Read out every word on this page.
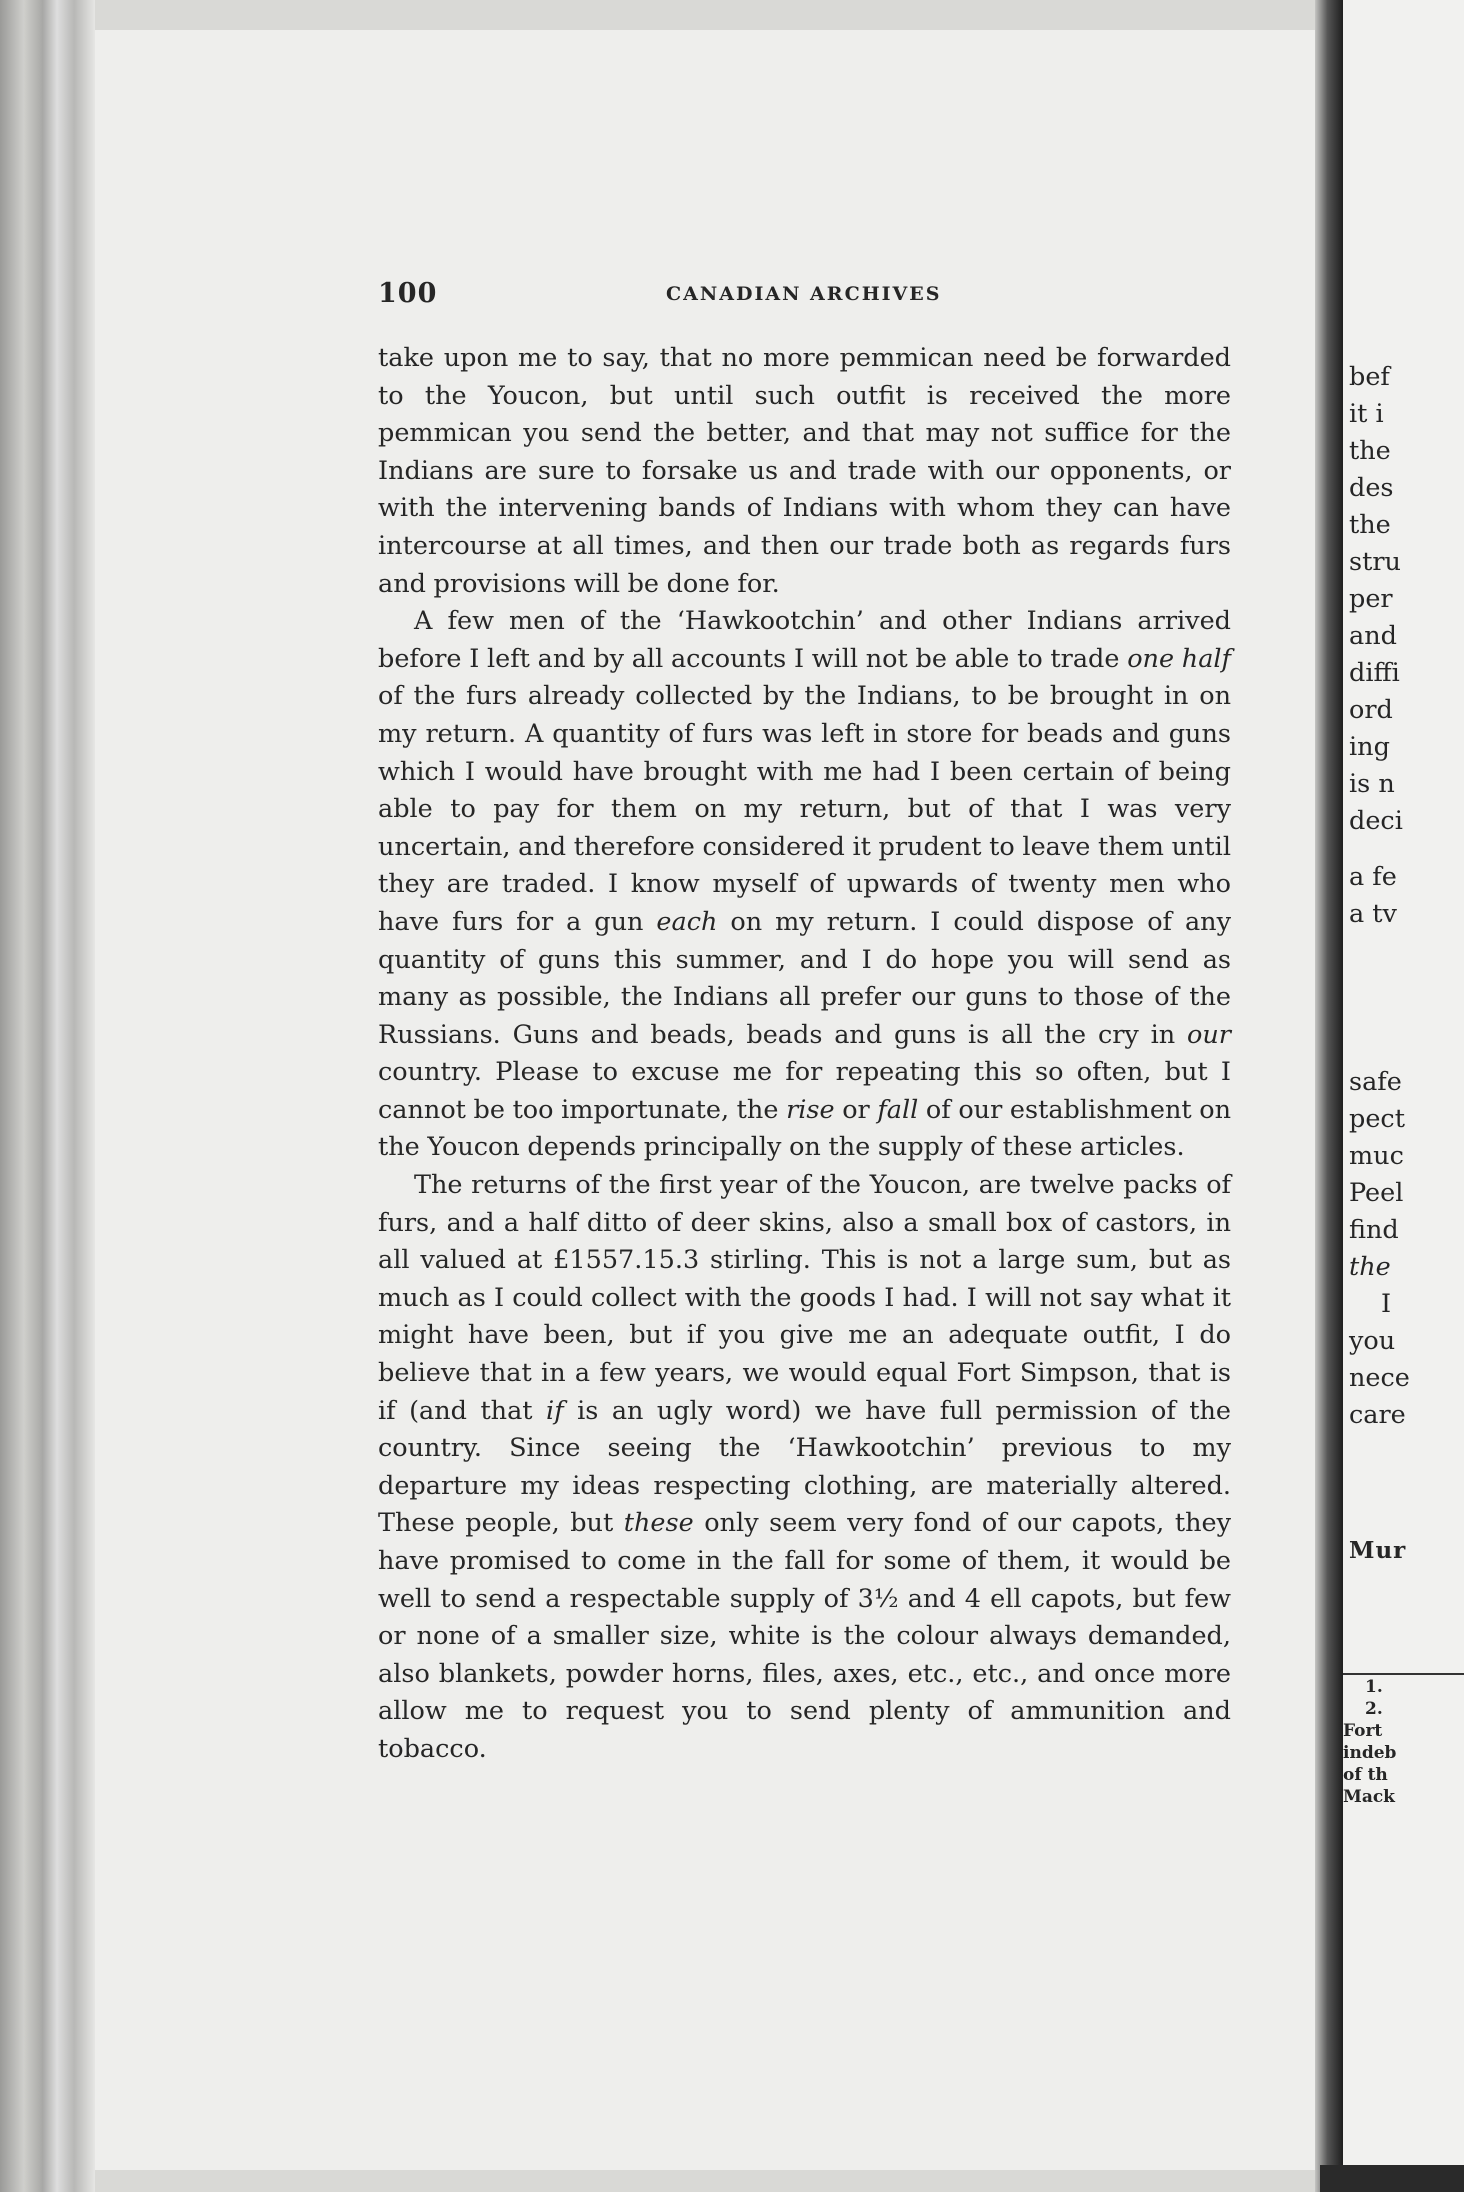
100	CANADIAN ARCHIVES

take upon me to say, that no more pemmican need be forwarded to the Youcon, but until such outfit is received the more pemmican you send the better, and that may not suffice for the Indians are sure to forsake us and trade with our opponents, or with the intervening bands of Indians with whom they can have intercourse at all times, and then our trade both as regards furs and provisions will be done for.

A few men of the ‘Hawkootchin’ and other Indians arrived before I left and by all accounts I will not be able to trade one half of the furs already collected by the Indians, to be brought in on my return. A quantity of furs was left in store for beads and guns which I would have brought with me had I been certain of being able to pay for them on my return, but of that I was very uncertain, and therefore considered it prudent to leave them until they are traded. I know myself of upwards of twenty men who have furs for a gun each on my return. I could dispose of any quantity of guns this summer, and I do hope you will send as many as possible, the Indians all prefer our guns to those of the Russians. Guns and beads, beads and guns is all the cry in our country. Please to excuse me for repeating this so often, but I cannot be too importunate, the rise or fall of our establishment on the Youcon depends principally on the supply of these articles.

The returns of the first year of the Youcon, are twelve packs of furs, and a half ditto of deer skins, also a small box of castors, in all valued at £1557.15.3 stirling. This is not a large sum, but as much as I could collect with the goods I had. I will not say what it might have been, but if you give me an adequate outfit, I do believe that in a few years, we would equal Fort Simpson, that is if (and that if is an ugly word) we have full permission of the country. Since seeing the ‘Hawkootchin’ previous to my departure my ideas respecting clothing, are materially altered. These people, but these only seem very fond of our capots, they have promised to come in the fall for some of them, it would be well to send a respectable supply of 3½ and 4 ell capots, but few or none of a smaller size, white is the colour always demanded, also blankets, powder horns, files, axes, etc., etc., and once more allow me to request you to send plenty of ammunition and tobacco.

bef
it i
the
des
the
stru
per
and
diffi
ord
ing
is n
deci
a fe
a tv
safe
pect
muc
Peel
find
the
I
you
nece
care
Mur
1.
2.
Fort
indeb
of th
Mack
